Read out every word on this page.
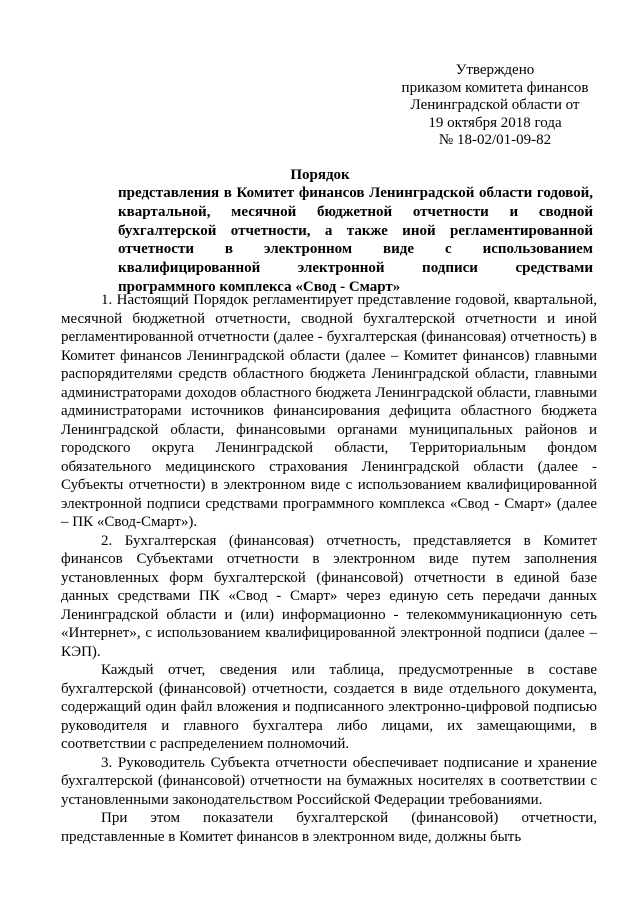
Утверждено
приказом комитета финансов
Ленинградской области от
19 октября 2018 года
№ 18-02/01-09-82
Порядок
представления в Комитет финансов Ленинградской области годовой, квартальной, месячной бюджетной отчетности и сводной бухгалтерской отчетности, а также иной регламентированной отчетности в электронном виде с использованием квалифицированной электронной подписи средствами программного комплекса «Свод - Смарт»

1. Настоящий Порядок регламентирует представление годовой, квартальной, месячной бюджетной отчетности, сводной бухгалтерской отчетности и иной регламентированной отчетности (далее - бухгалтерская (финансовая) отчетность) в Комитет финансов Ленинградской области (далее – Комитет финансов) главными распорядителями средств областного бюджета Ленинградской области, главными администраторами доходов областного бюджета Ленинградской области, главными администраторами источников финансирования дефицита областного бюджета Ленинградской области, финансовыми органами муниципальных районов и городского округа Ленинградской области, Территориальным фондом обязательного медицинского страхования Ленинградской области (далее - Субъекты отчетности) в электронном виде с использованием квалифицированной электронной подписи средствами программного комплекса «Свод - Смарт» (далее – ПК «Свод-Смарт»).

2. Бухгалтерская (финансовая) отчетность, представляется в Комитет финансов Субъектами отчетности в электронном виде путем заполнения установленных форм бухгалтерской (финансовой) отчетности в единой базе данных средствами ПК «Свод - Смарт» через единую сеть передачи данных Ленинградской области и (или) информационно - телекоммуникационную сеть «Интернет», с использованием квалифицированной электронной подписи (далее – КЭП).

Каждый отчет, сведения или таблица, предусмотренные в составе бухгалтерской (финансовой) отчетности, создается в виде отдельного документа, содержащий один файл вложения и подписанного электронно-цифровой подписью руководителя и главного бухгалтера либо лицами, их замещающими, в соответствии с распределением полномочий.

3. Руководитель Субъекта отчетности обеспечивает подписание и хранение бухгалтерской (финансовой) отчетности на бумажных носителях в соответствии с установленными законодательством Российской Федерации требованиями.

При этом показатели бухгалтерской (финансовой) отчетности, представленные в Комитет финансов в электронном виде, должны быть
